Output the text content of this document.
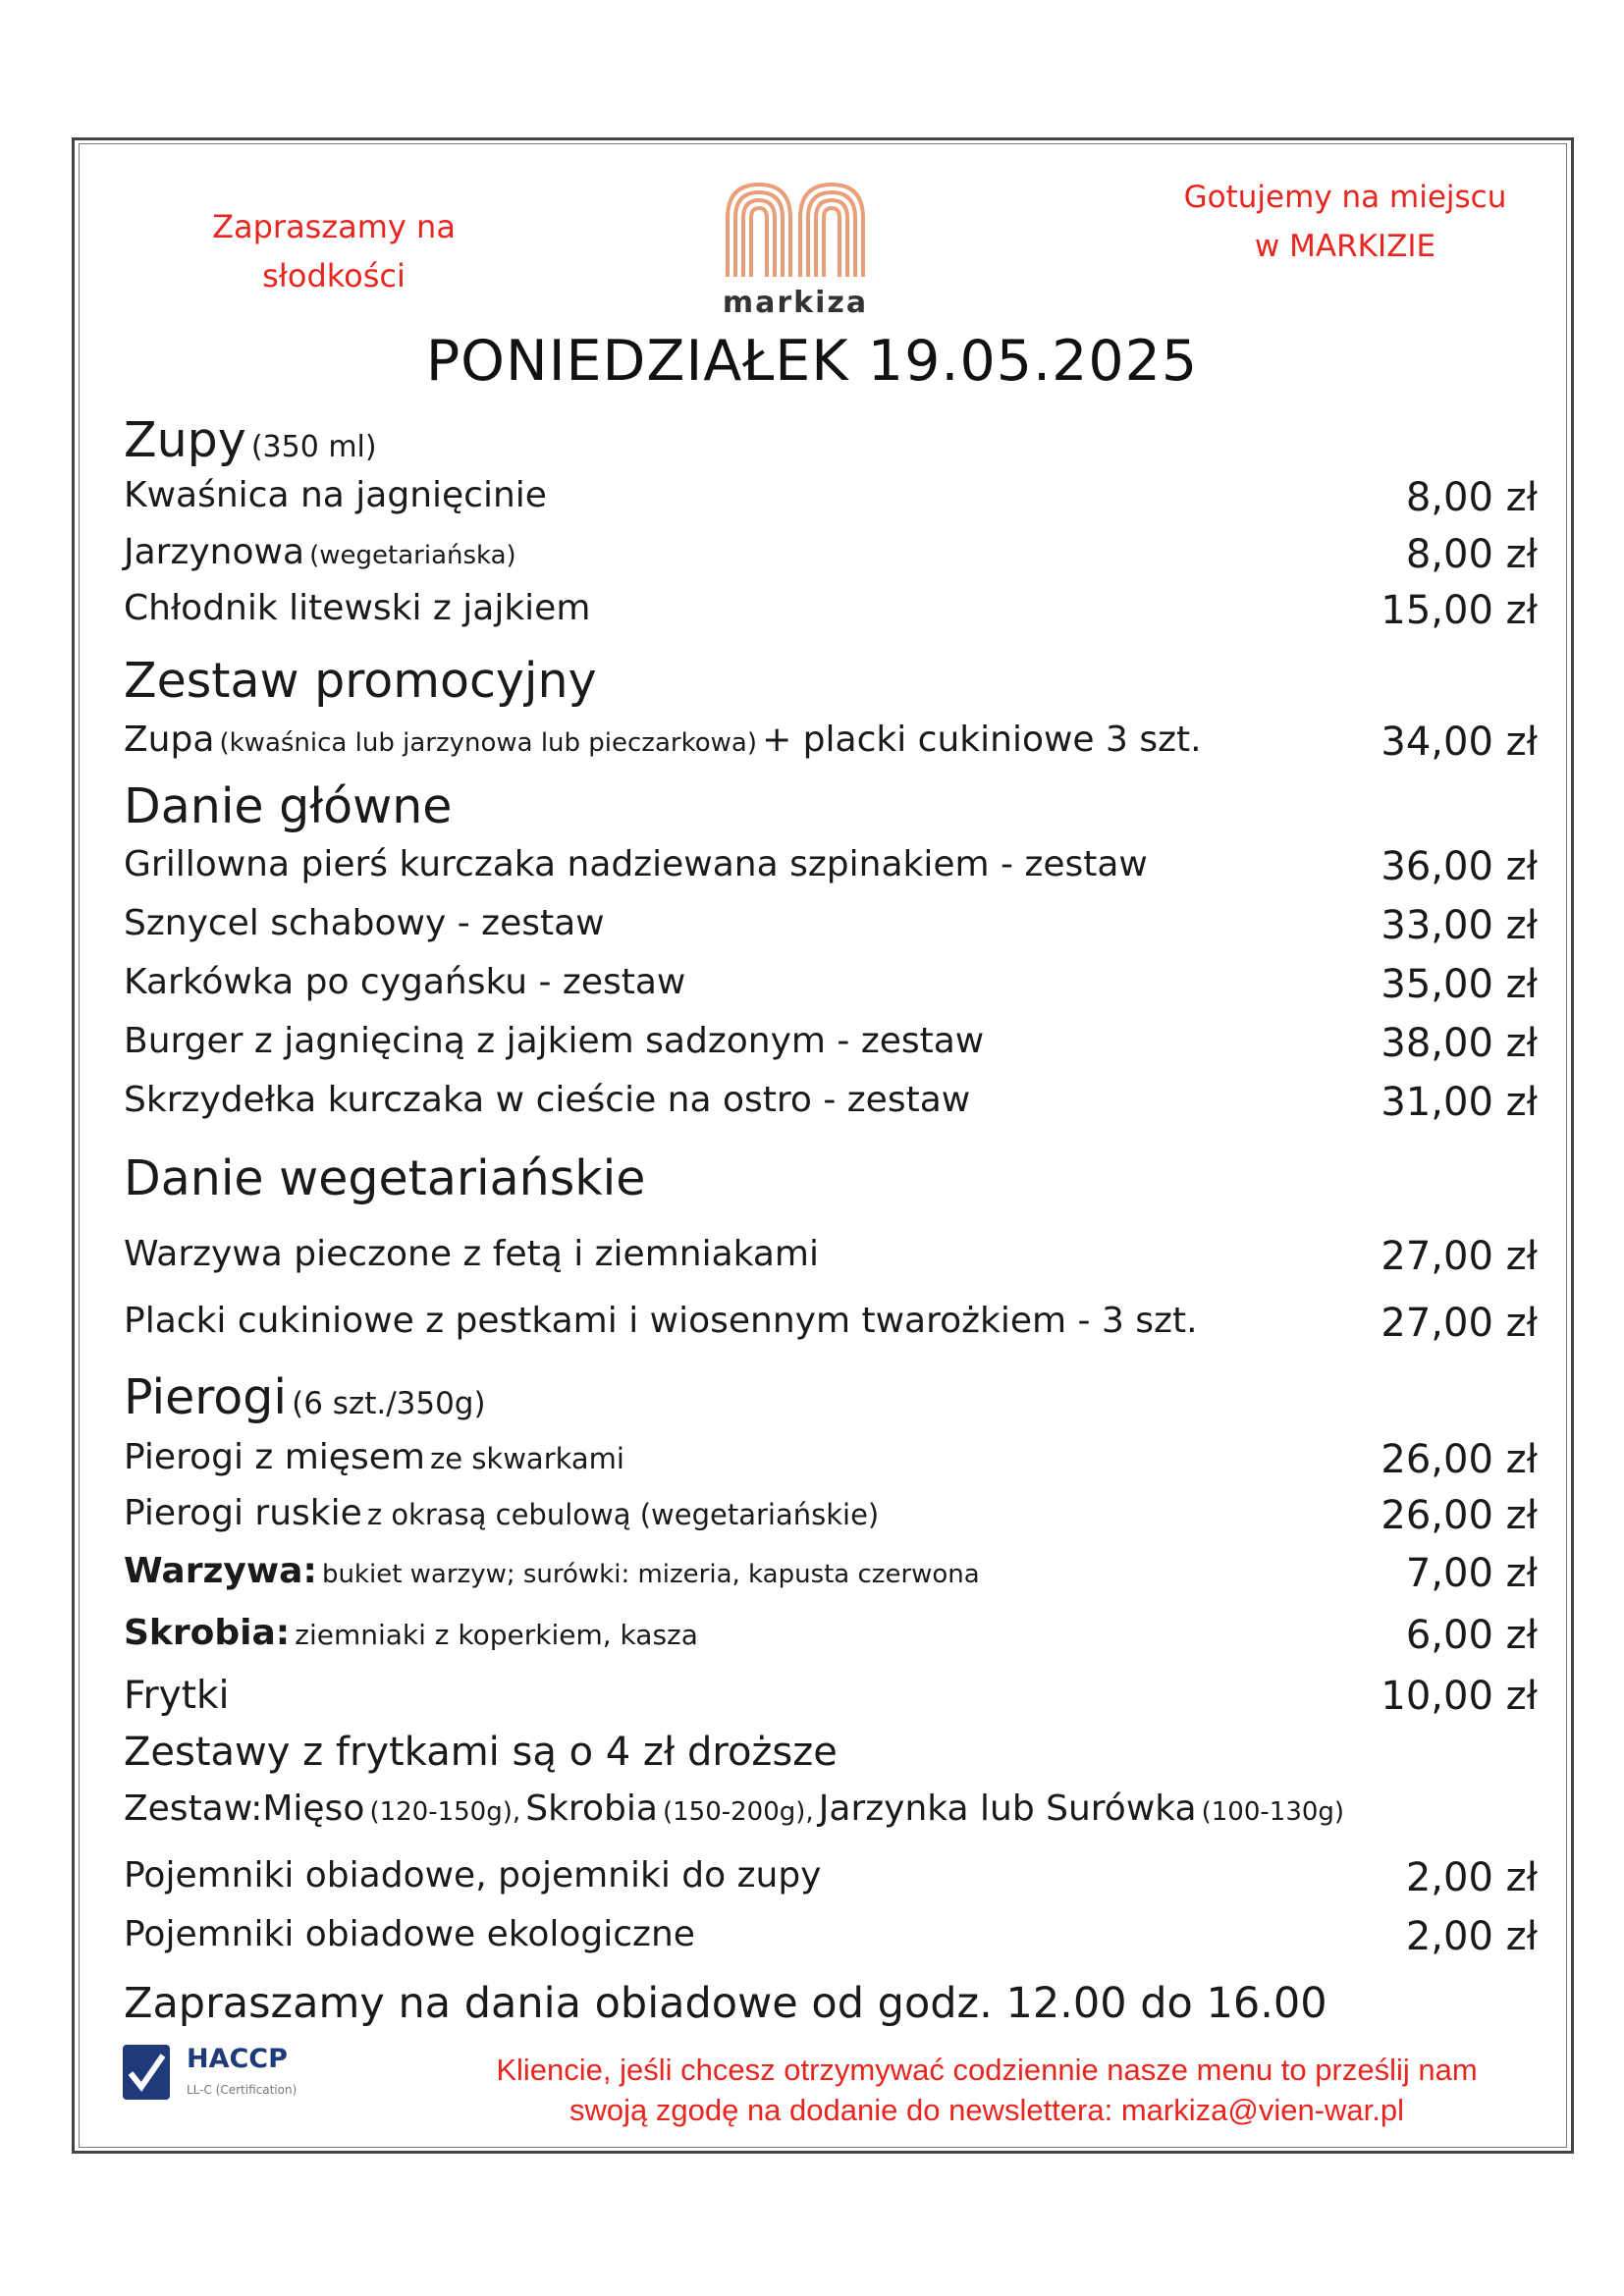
Zapraszamy na
słodkości
markiza
Gotujemy na miejscu
w MARKIZIE
PONIEDZIAŁEK 19.05.2025
Zupy (350 ml)
Kwaśnica na jagnięcinie	8,00 zł
Jarzynowa (wegetariańska)	8,00 zł
Chłodnik litewski z jajkiem	15,00 zł
Zestaw promocyjny
Zupa (kwaśnica lub jarzynowa lub pieczarkowa) + placki cukiniowe 3 szt.	34,00 zł
Danie główne
Grillowna pierś kurczaka nadziewana szpinakiem - zestaw	36,00 zł
Sznycel schabowy - zestaw	33,00 zł
Karkówka po cygańsku - zestaw	35,00 zł
Burger z jagnięciną z jajkiem sadzonym - zestaw	38,00 zł
Skrzydełka kurczaka w cieście na ostro - zestaw	31,00 zł
Danie wegetariańskie
Warzywa pieczone z fetą i ziemniakami	27,00 zł
Placki cukiniowe z pestkami i wiosennym twarożkiem - 3 szt.	27,00 zł
Pierogi (6 szt./350g)
Pierogi z mięsem ze skwarkami	26,00 zł
Pierogi ruskie z okrasą cebulową (wegetariańskie)	26,00 zł
Warzywa: bukiet warzyw; surówki: mizeria, kapusta czerwona	7,00 zł
Skrobia: ziemniaki z koperkiem, kasza	6,00 zł
Frytki	10,00 zł
Zestawy z frytkami są o 4 zł droższe
Zestaw:Mięso (120-150g), Skrobia (150-200g), Jarzynka lub Surówka (100-130g)
Pojemniki obiadowe, pojemniki do zupy	2,00 zł
Pojemniki obiadowe ekologiczne	2,00 zł
Zapraszamy na dania obiadowe od godz. 12.00 do 16.00
HACCP
LL-C (Certification)
Kliencie, jeśli chcesz otrzymywać codziennie nasze menu to prześlij nam
swoją zgodę na dodanie do newslettera: markiza@vien-war.pl
